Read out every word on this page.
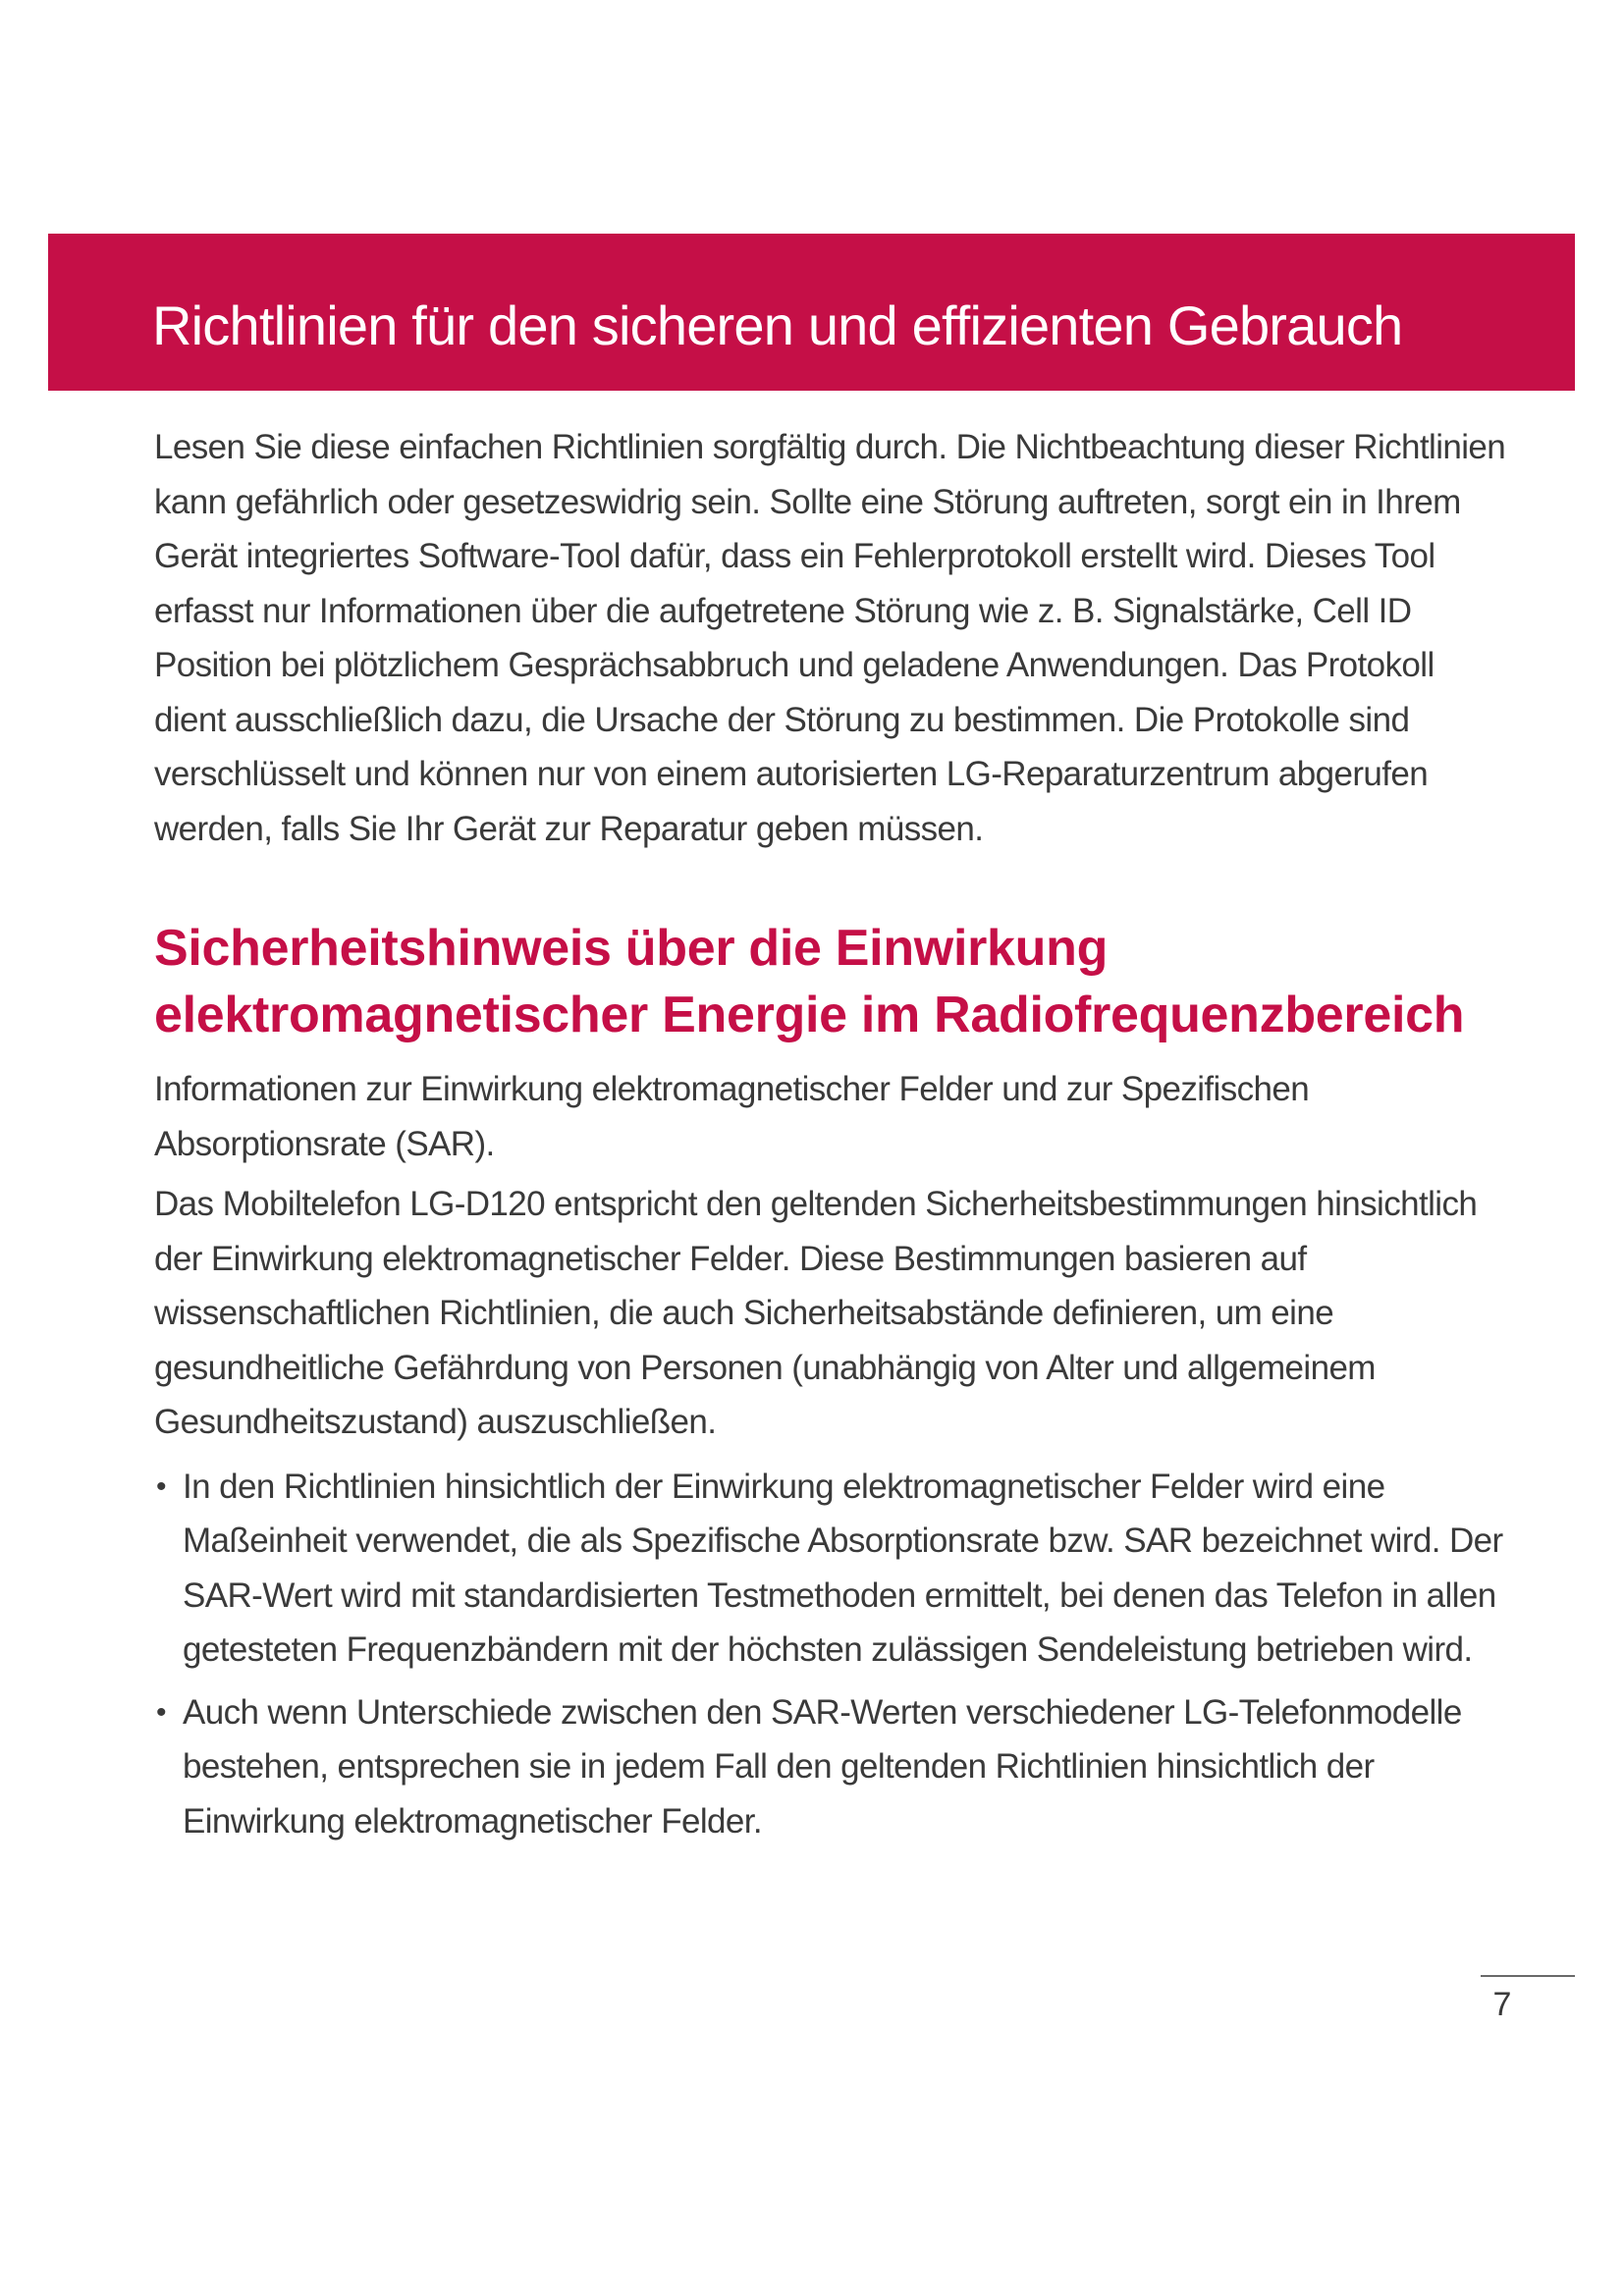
Richtlinien für den sicheren und effizienten Gebrauch

Lesen Sie diese einfachen Richtlinien sorgfältig durch. Die Nichtbeachtung dieser Richtlinien kann gefährlich oder gesetzeswidrig sein. Sollte eine Störung auftreten, sorgt ein in Ihrem Gerät integriertes Software-Tool dafür, dass ein Fehlerprotokoll erstellt wird. Dieses Tool erfasst nur Informationen über die aufgetretene Störung wie z. B. Signalstärke, Cell ID Position bei plötzlichem Gesprächsabbruch und geladene Anwendungen. Das Protokoll dient ausschließlich dazu, die Ursache der Störung zu bestimmen. Die Protokolle sind verschlüsselt und können nur von einem autorisierten LG-Reparaturzentrum abgerufen werden, falls Sie Ihr Gerät zur Reparatur geben müssen.

Sicherheitshinweis über die Einwirkung elektromagnetischer Energie im Radiofrequenzbereich

Informationen zur Einwirkung elektromagnetischer Felder und zur Spezifischen Absorptionsrate (SAR).

Das Mobiltelefon LG-D120 entspricht den geltenden Sicherheitsbestimmungen hinsichtlich der Einwirkung elektromagnetischer Felder. Diese Bestimmungen basieren auf wissenschaftlichen Richtlinien, die auch Sicherheitsabstände definieren, um eine gesundheitliche Gefährdung von Personen (unabhängig von Alter und allgemeinem Gesundheitszustand) auszuschließen.

• In den Richtlinien hinsichtlich der Einwirkung elektromagnetischer Felder wird eine Maßeinheit verwendet, die als Spezifische Absorptionsrate bzw. SAR bezeichnet wird. Der SAR-Wert wird mit standardisierten Testmethoden ermittelt, bei denen das Telefon in allen getesteten Frequenzbändern mit der höchsten zulässigen Sendeleistung betrieben wird.
• Auch wenn Unterschiede zwischen den SAR-Werten verschiedener LG-Telefonmodelle bestehen, entsprechen sie in jedem Fall den geltenden Richtlinien hinsichtlich der Einwirkung elektromagnetischer Felder.
7
